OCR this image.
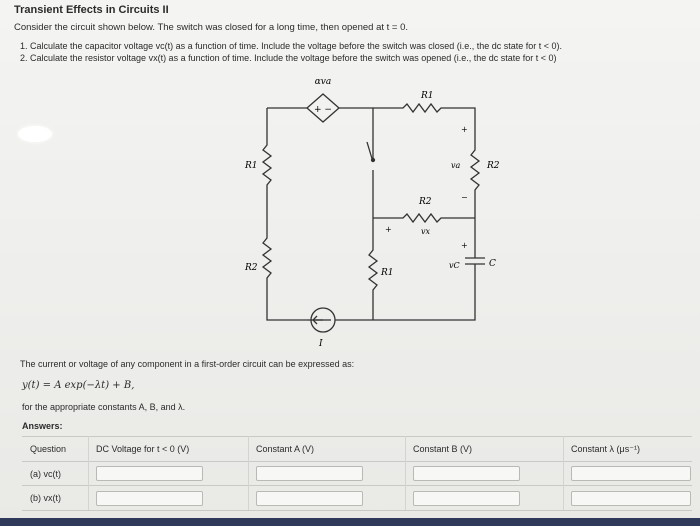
Transient Effects in Circuits II
Consider the circuit shown below. The switch was closed for a long time, then opened at t = 0.
1. Calculate the capacitor voltage vc(t) as a function of time. Include the voltage before the switch was closed (i.e., the dc state for t < 0).
2. Calculate the resistor voltage vx(t) as a function of time. Include the voltage before the switch was opened (i.e., the dc state for t < 0)
+ −
αva
R1
R1
R2
R2
vx
R1
R2
va
vC	C
I
+
−
+
+
The current or voltage of any component in a first-order circuit can be expressed as:
y(t) = A exp(−λt) + B,
for the appropriate constants A, B, and λ.
Answers:
Question	DC Voltage for t < 0 (V)	Constant A (V)	Constant B (V)	Constant λ (μs⁻¹)
(a) vc(t)
(b) vx(t)
